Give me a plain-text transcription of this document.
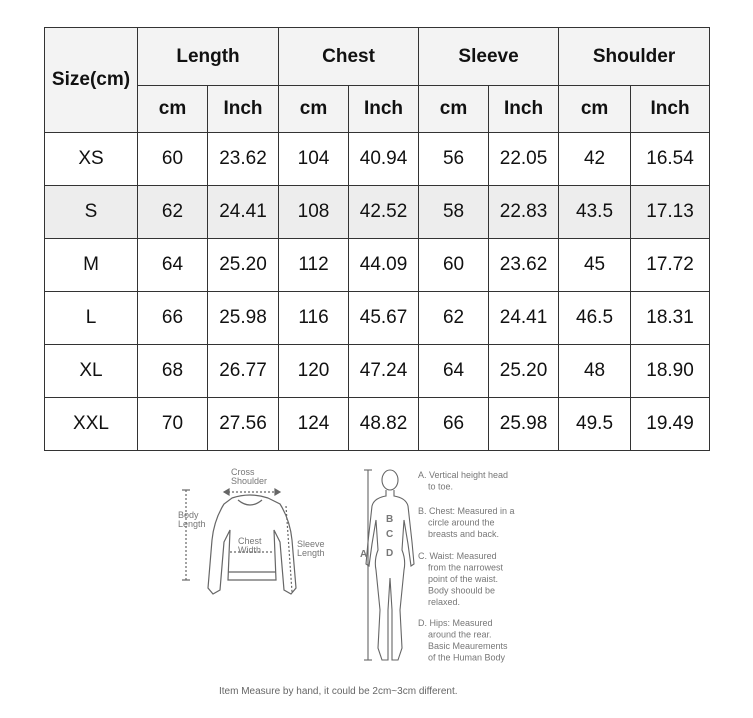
Size(cm)	Length		Chest		Sleeve		Shoulder	
	cm	Inch	cm	Inch	cm	Inch	cm	Inch
XS	60	23.62	104	40.94	56	22.05	42	16.54
S	62	24.41	108	42.52	58	22.83	43.5	17.13
M	64	25.20	112	44.09	60	23.62	45	17.72
L	66	25.98	116	45.67	62	24.41	46.5	18.31
XL	68	26.77	120	47.24	64	25.20	48	18.90
XXL	70	27.56	124	48.82	66	25.98	49.5	19.49
Cross
Shoulder
Body
Length
Chest
Width
Sleeve
Length	A
B
C
D
A. Vertical height head
to toe.
B. Chest: Measured in a
circle around the
breasts and back.
C. Waist: Measured
from the narrowest
point of the waist.
Body shoould be
relaxed.
D. Hips: Measured
around the rear.
Basic Meaurements
of the Human Body
Item Measure by hand, it could be 2cm~3cm different.
